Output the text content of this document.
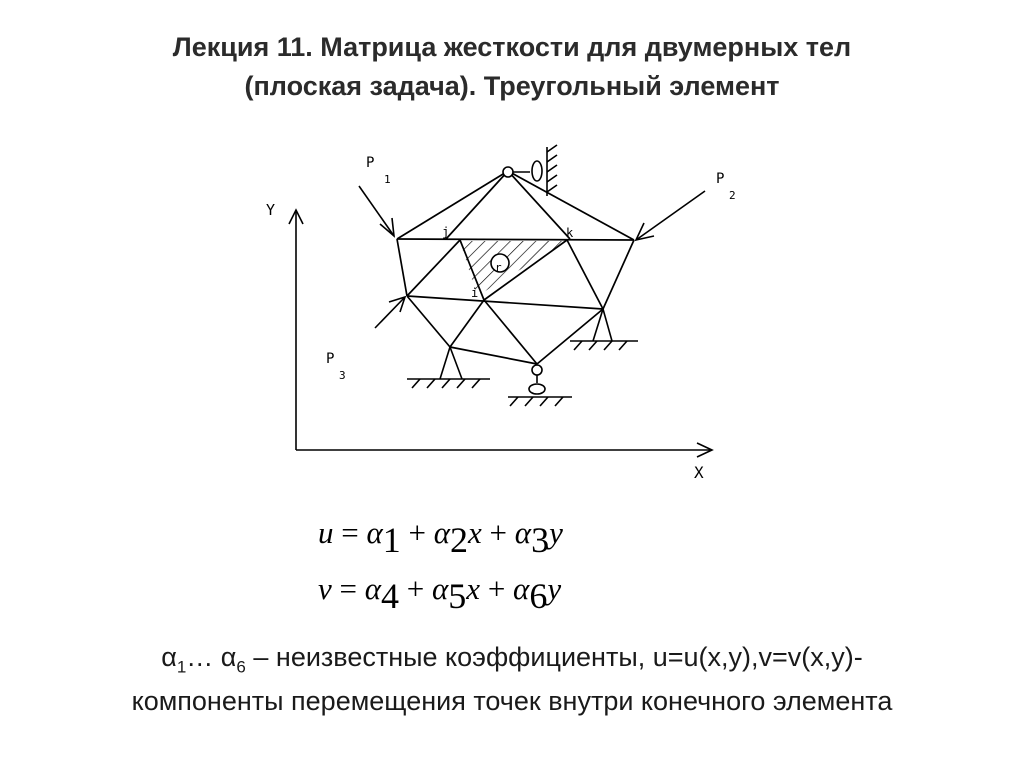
Лекция 11. Матрица жесткости для двумерных тел
(плоская задача). Треугольный элемент
Y
X
r
j	k
i
P
1	P
2
P
3
u = α1 + α2x + α3y
v = α4 + α5x + α6y
$\alpha_1\dots$ $\alpha_6$ – неизвестные коэффициенты, u=u(x,y),v=v(x,y)-
компоненты перемещения точек внутри конечного элемента
